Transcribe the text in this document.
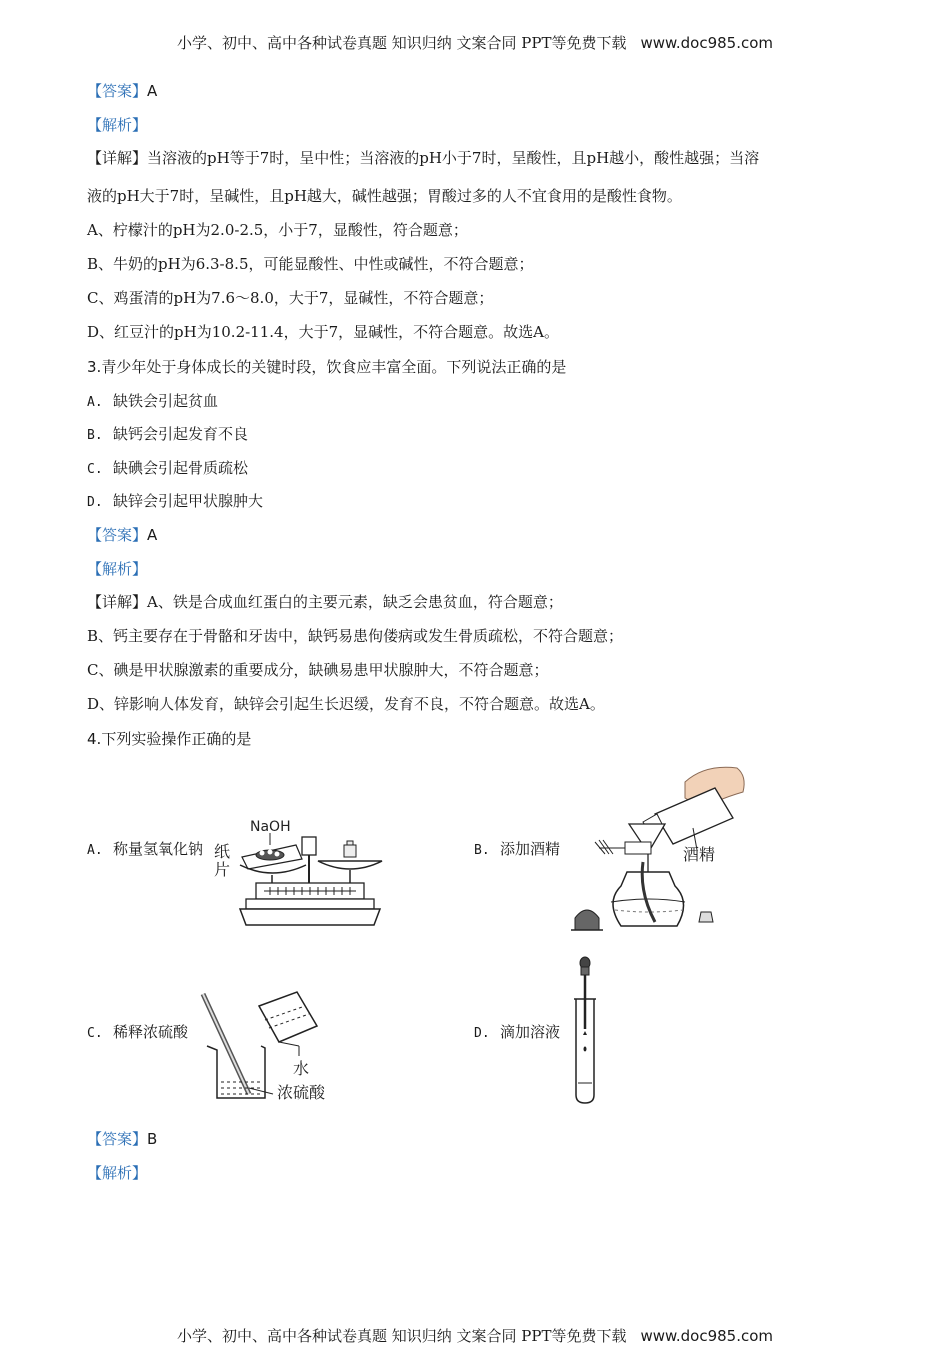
小学、初中、高中各种试卷真题 知识归纳 文案合同 PPT等免费下载 www.doc985.com
【答案】A
【解析】
【详解】当溶液的pH等于7时，呈中性；当溶液的pH小于7时，呈酸性，且pH越小，酸性越强；当溶
液的pH大于7时，呈碱性，且pH越大，碱性越强；胃酸过多的人不宜食用的是酸性食物。
A、柠檬汁的pH为2.0-2.5，小于7，显酸性，符合题意；
B、牛奶的pH为6.3-8.5，可能显酸性、中性或碱性，不符合题意；
C、鸡蛋清的pH为7.6～8.0，大于7，显碱性，不符合题意；
D、红豆汁的pH为10.2-11.4，大于7，显碱性，不符合题意。故选A。
3.青少年处于身体成长的关键时段，饮食应丰富全面。下列说法正确的是
A. 缺铁会引起贫血
B. 缺钙会引起发育不良
C. 缺碘会引起骨质疏松
D. 缺锌会引起甲状腺肿大
【答案】A
【解析】
【详解】A、铁是合成血红蛋白的主要元素，缺乏会患贫血，符合题意；
B、钙主要存在于骨骼和牙齿中，缺钙易患佝偻病或发生骨质疏松，不符合题意；
C、碘是甲状腺激素的重要成分，缺碘易患甲状腺肿大，不符合题意；
D、锌影响人体发育，缺锌会引起生长迟缓，发育不良，不符合题意。故选A。
4.下列实验操作正确的是
A. 称量氢氧化钠
NaOH
纸
片
B. 添加酒精	酒精
C. 稀释浓硫酸
水
浓硫酸
D. 滴加溶液
【答案】B
【解析】
小学、初中、高中各种试卷真题 知识归纳 文案合同 PPT等免费下载 www.doc985.com
